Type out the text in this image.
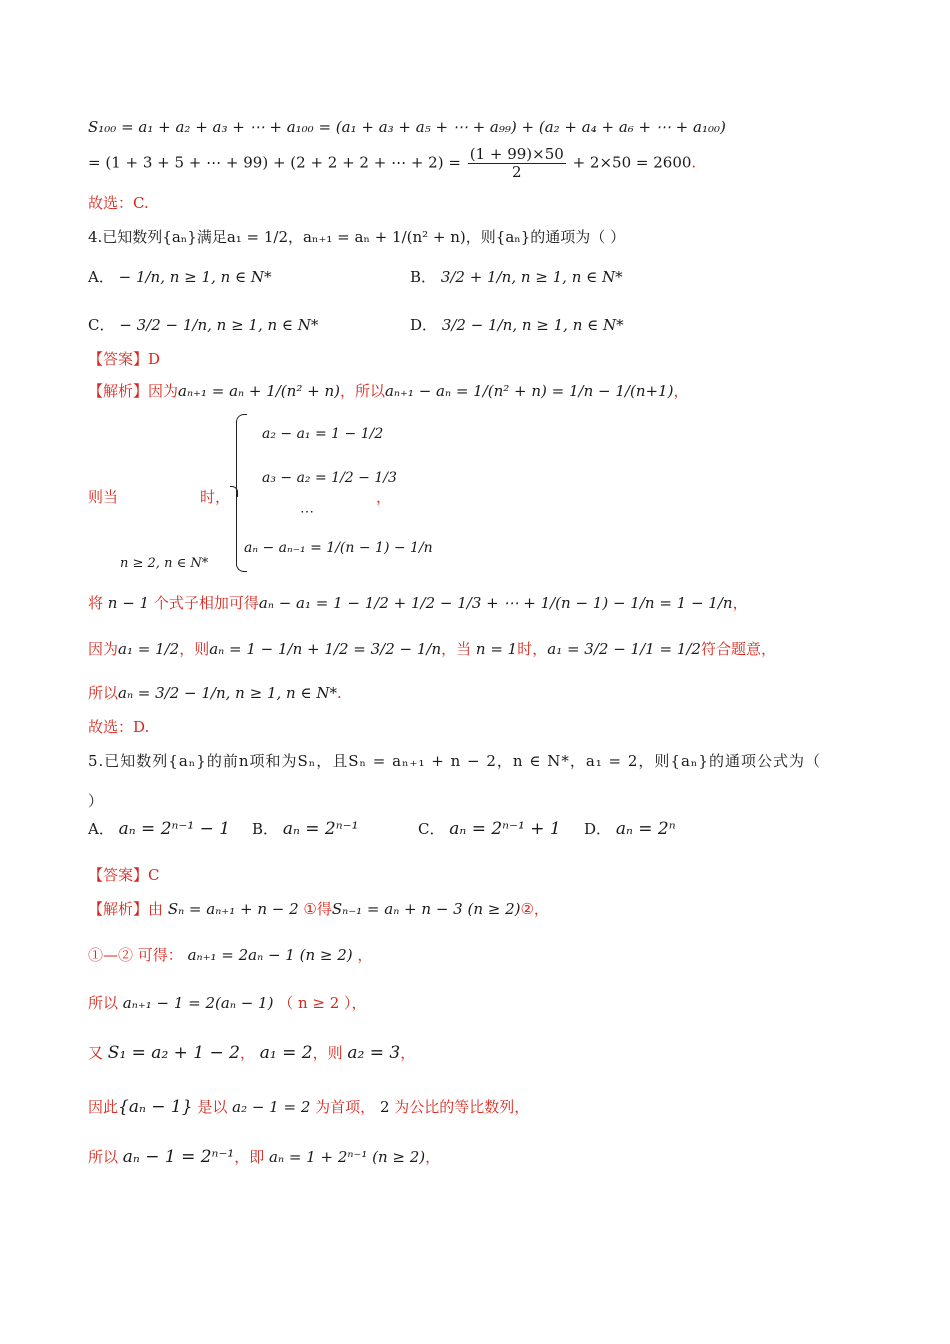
S₁₀₀ = a₁ + a₂ + a₃ + ⋯ + a₁₀₀ = (a₁ + a₃ + a₅ + ⋯ + a₉₉) + (a₂ + a₄ + a₆ + ⋯ + a₁₀₀)
= (1 + 3 + 5 + ⋯ + 99) + (2 + 2 + 2 + ⋯ + $2) = \frac{(1 + 99)\times 50}{2} + 2\times 50 = 2600$.
故选：C.
4.已知数列{aₙ}满足a₁ = 1/2，aₙ₊₁ = aₙ + 1/(n² + n)，则{aₙ}的通项为（ ）
A． − 1/n, n ≥ 1, n ∈ N*	B． 3/2 + 1/n, n ≥ 1, n ∈ N*
C． − 3/2 − 1/n, n ≥ 1, n ∈ N*	D． 3/2 − 1/n, n ≥ 1, n ∈ N*
【答案】D
【解析】因为aₙ₊₁ = aₙ + 1/(n² + n)，所以aₙ₊₁ − aₙ = 1/(n² + n) = 1/n − 1/(n+1)，
则当	时，
n ≥ 2, n ∈ N*
a₂ − a₁ = 1 − 1/2
a₃ − a₂ = 1/2 − 1/3
⋯
aₙ − aₙ₋₁ = 1/(n − 1) − 1/n
，
将 n − 1 个式子相加可得aₙ − a₁ = 1 − 1/2 + 1/2 − 1/3 + ⋯ + 1/(n − 1) − 1/n = 1 − 1/n，
因为a₁ = 1/2，则aₙ = 1 − 1/n + 1/2 = 3/2 − 1/n，当 n = 1时，a₁ = 3/2 − 1/1 = 1/2符合题意，
所以aₙ = 3/2 − 1/n, n ≥ 1, n ∈ N*.
故选：D.
5.已知数列{aₙ}的前n项和为Sₙ，且Sₙ = aₙ₊₁ + n − 2，n ∈ N*，a₁ = 2，则{aₙ}的通项公式为（
）
A． aₙ = 2ⁿ⁻¹ − 1 B． aₙ = 2ⁿ⁻¹	C． aₙ = 2ⁿ⁻¹ + 1 D． aₙ = 2ⁿ
【答案】C
【解析】由 Sₙ = aₙ₊₁ + n − 2 ①得Sₙ₋₁ = aₙ + n − 3 (n ≥ 2)②，
①—② 可得： aₙ₊₁ = 2aₙ − 1 (n ≥ 2) ，
所以 aₙ₊₁ − 1 = 2(aₙ − 1) （ n ≥ 2 ），
又 S₁ = a₂ + 1 − 2， a₁ = 2，则 a₂ = 3，
因此{aₙ − 1} 是以 a₂ − 1 = 2 为首项， 2 为公比的等比数列，
所以 aₙ − 1 = 2ⁿ⁻¹，即 aₙ = 1 + 2ⁿ⁻¹ (n ≥ 2)，
